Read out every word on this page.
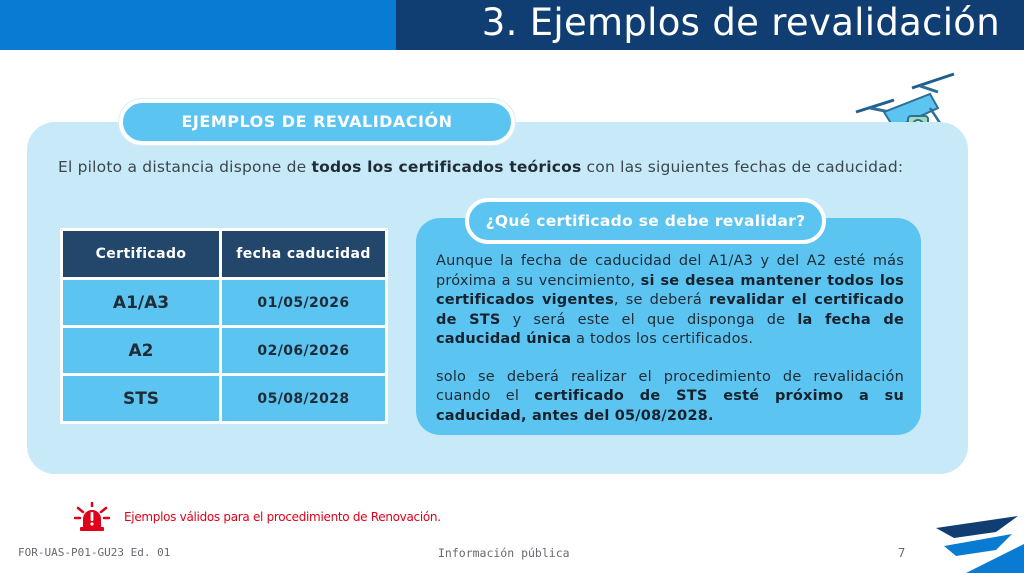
3. Ejemplos de revalidación
EJEMPLOS DE REVALIDACIÓN
El piloto a distancia dispone de todos los certificados teóricos con las siguientes fechas de caducidad:
Certificado	fecha caducidad
A1/A3	01/05/2026
A2	02/06/2026
STS	05/08/2028
¿Qué certificado se debe revalidar?

Aunque la fecha de caducidad del A1/A3 y del A2 esté más próxima a su vencimiento, si se desea mantener todos los certificados vigentes, se deberá revalidar el certificado de STS y será este el que disponga de la fecha de caducidad única a todos los certificados.

solo se deberá realizar el procedimiento de revalidación cuando el certificado de STS esté próximo a su caducidad, antes del 05/08/2028.

Ejemplos válidos para el procedimiento de Renovación.
FOR-UAS-P01-GU23 Ed. 01	Información pública	7
